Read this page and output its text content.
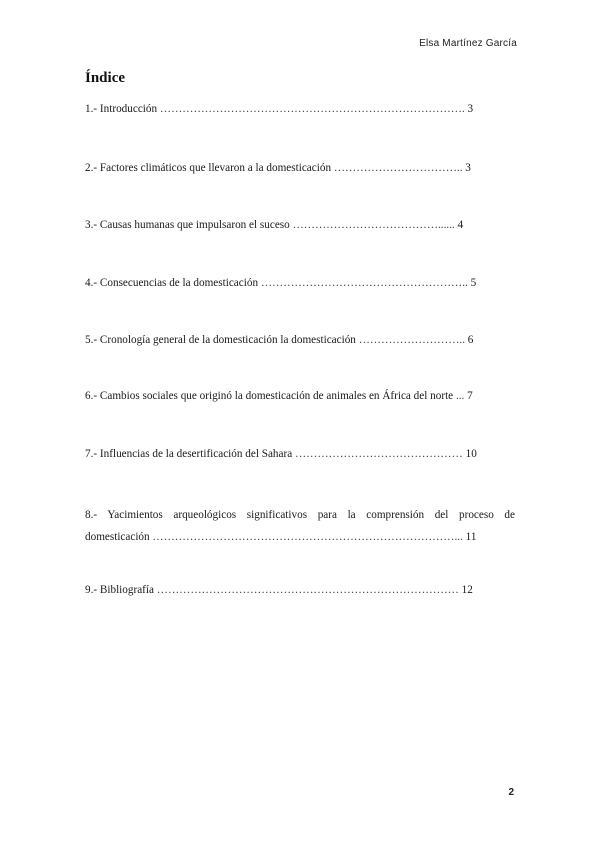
Elsa Martínez García
Índice
1.- Introducción ………………………………………………………………………. 3
2.- Factores climáticos que llevaron a la domesticación …………………………….. 3
3.- Causas humanas que impulsaron el suceso …………………………………...... 4
4.- Consecuencias de la domesticación ……………………………………………….. 5
5.- Cronología general de la domesticación la domesticación ……………………….. 6
6.- Cambios sociales que originó la domesticación de animales en África del norte ... 7
7.- Influencias de la desertificación del Sahara ……………………………………… 10
8.- Yacimientos arqueológicos significativos para la comprensión del proceso de
domesticación ………………………………………………………………………... 11
9.- Bibliografía ……………………………………………………………………… 12
2
